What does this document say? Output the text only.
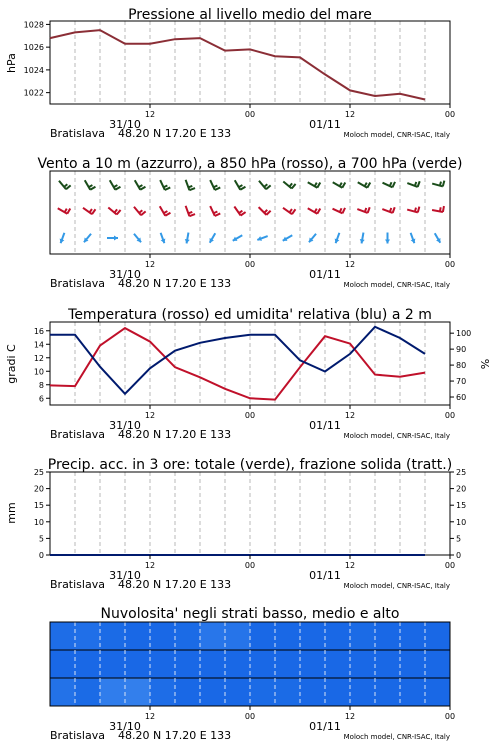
Pressione al livello medio del mare
hPa
1022
1024
1026
1028
12	00	12	00
31/10	01/11
Bratislava 48.20 N 17.20 E 133	Moloch model, CNR-ISAC, Italy
Vento a 10 m (azzurro), a 850 hPa (rosso), a 700 hPa (verde)
12	00	12	00
31/10	01/11
Bratislava 48.20 N 17.20 E 133	Moloch model, CNR-ISAC, Italy
Temperatura (rosso) ed umidita' relativa (blu) a 2 m
gradi C	%
6
8
10
12
14
16
60
70
80
90
100
12	00	12	00
31/10	01/11
Bratislava 48.20 N 17.20 E 133	Moloch model, CNR-ISAC, Italy
Precip. acc. in 3 ore: totale (verde), frazione solida (tratt.)
mm
0
5
10
15
20
25
0
5
10
15
20
25
12	00	12	00
31/10	01/11
Bratislava 48.20 N 17.20 E 133	Moloch model, CNR-ISAC, Italy
Nuvolosita' negli strati basso, medio e alto
12	00	12	00
31/10	01/11
Bratislava 48.20 N 17.20 E 133	Moloch model, CNR-ISAC, Italy
